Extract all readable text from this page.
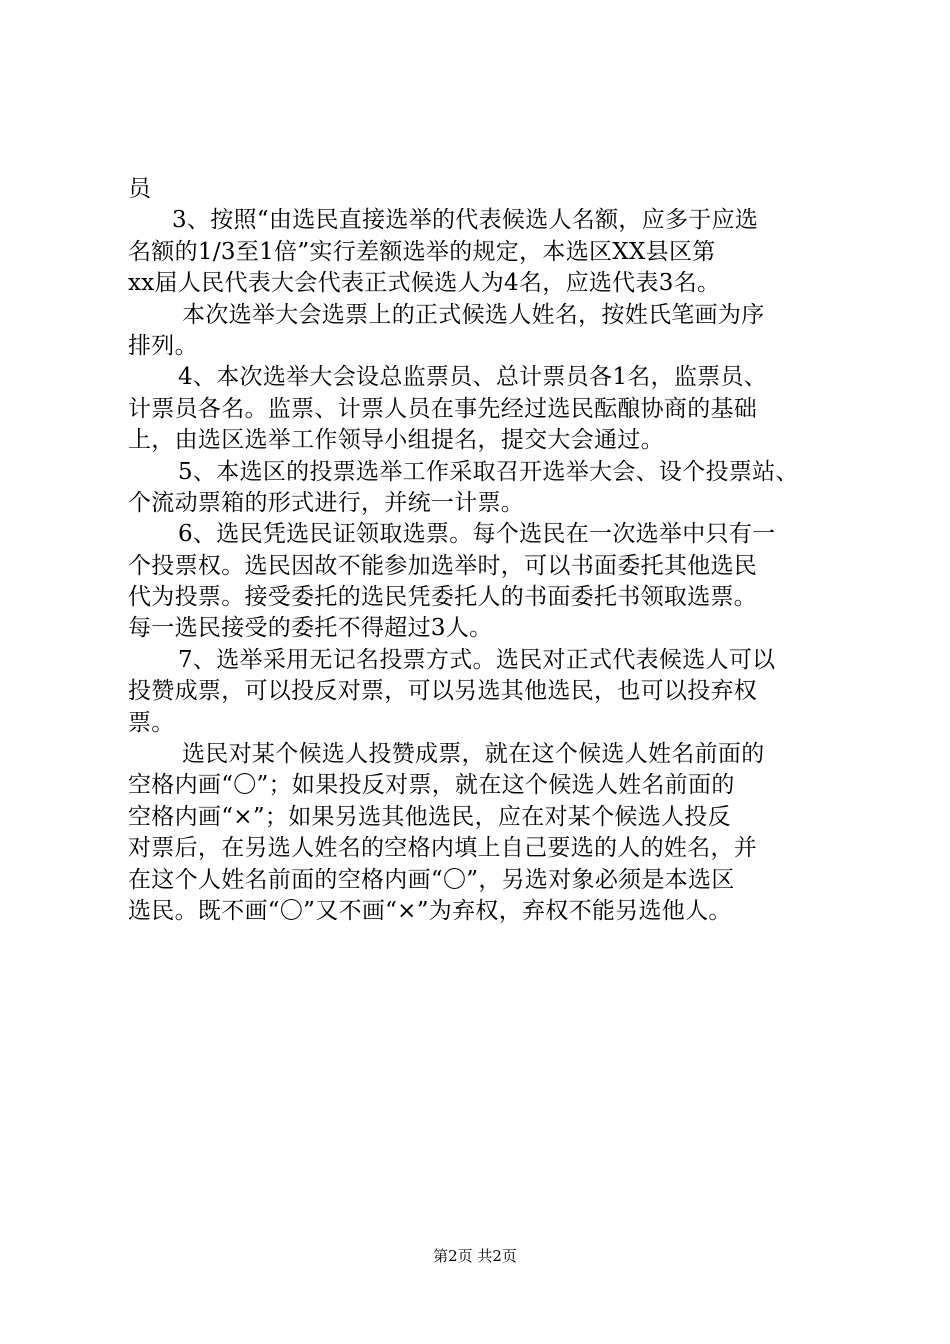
员
3、按照“由选民直接选举的代表候选人名额，应多于应选
名额的1/3至1倍”实行差额选举的规定，本选区XX县区第
xx届人民代表大会代表正式候选人为4名，应选代表3名。
本次选举大会选票上的正式候选人姓名，按姓氏笔画为序
排列。
4、本次选举大会设总监票员、总计票员各1名，监票员、
计票员各名。监票、计票人员在事先经过选民酝酿协商的基础
上，由选区选举工作领导小组提名，提交大会通过。
5、本选区的投票选举工作采取召开选举大会、设个投票站、
个流动票箱的形式进行，并统一计票。
6、选民凭选民证领取选票。每个选民在一次选举中只有一
个投票权。选民因故不能参加选举时，可以书面委托其他选民
代为投票。接受委托的选民凭委托人的书面委托书领取选票。
每一选民接受的委托不得超过3人。
7、选举采用无记名投票方式。选民对正式代表候选人可以
投赞成票，可以投反对票，可以另选其他选民，也可以投弃权
票。
选民对某个候选人投赞成票，就在这个候选人姓名前面的
空格内画“〇”；如果投反对票，就在这个候选人姓名前面的
空格内画“×”；如果另选其他选民，应在对某个候选人投反
对票后，在另选人姓名的空格内填上自己要选的人的姓名，并
在这个人姓名前面的空格内画“〇”，另选对象必须是本选区
选民。既不画“〇”又不画“×”为弃权，弃权不能另选他人。
第2页 共2页
